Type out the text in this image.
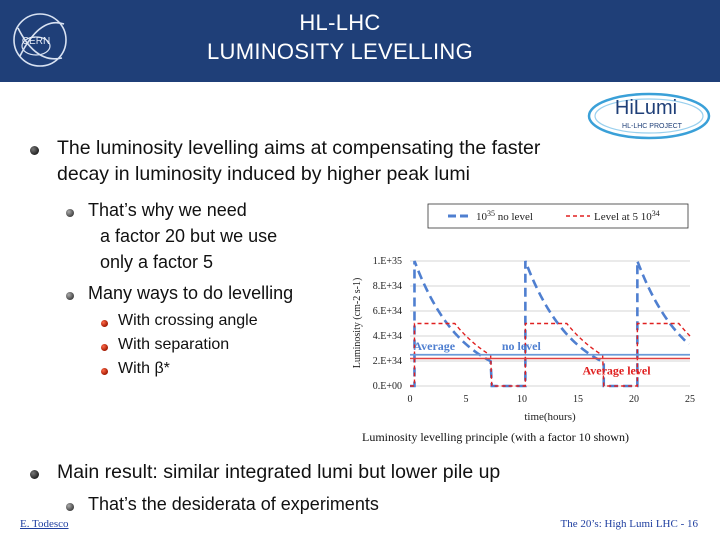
CERN
HL-LHC
LUMINOSITY LEVELLING
HiLumi
HL-LHC PROJECT
The luminosity levelling aims at compensating the faster
decay in luminosity induced by higher peak lumi
That’s why we need
a factor 20 but we use
only a factor 5
Many ways to do levelling
With crossing angle
With separation
With β*
$10^{35}$ no level	Level at 5 $10^{34}$
Average	no level
Average level
0.E+00
2.E+34
4.E+34
6.E+34
8.E+34
1.E+35
0	5	10	15	20	25
time(hours)
Luminosity (cm-2 s-1)
Luminosity levelling principle (with a factor 10 shown)
Main result: similar integrated lumi but lower pile up
That’s the desiderata of experiments
E. Todesco	The 20’s: High Lumi LHC - 16
